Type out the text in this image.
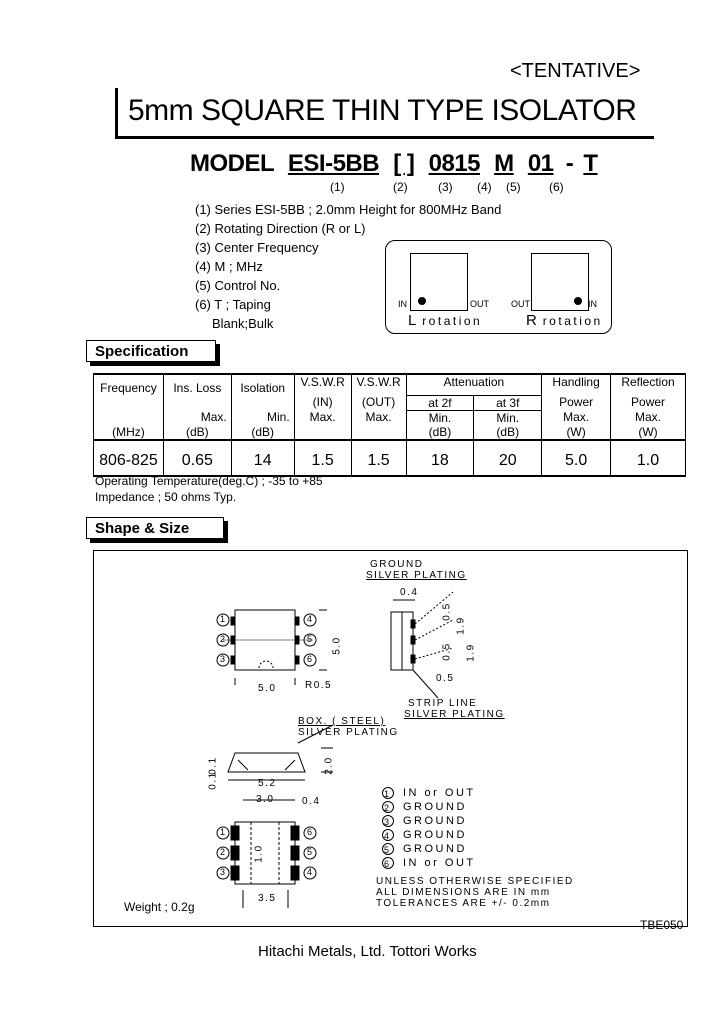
<TENTATIVE>
5mm SQUARE THIN TYPE ISOLATOR
MODEL ESI-5BB [ ] 0815 M 01 - T
(1)	(2)	(3) (4) (5) (6)
(1) Series ESI-5BB ; 2.0mm Height for 800MHz Band
(2) Rotating Direction (R or L)
(3) Center Frequency
(4) M ; MHz
(5) Control No.
(6) T ; Taping
Blank;Bulk
IN	OUT
L rotation
OUT	IN
R rotation
Specification
Frequency	Ins. Loss	Isolation	V.S.W.R	V.S.W.R	Attenuation		Handling	Reflection
			(IN)	(OUT)	at 2f	at 3f	Power	Power
	Max.	Min.	Max.	Max.	Min.	Min.	Max.	Max.
(MHz)	(dB)	(dB)			(dB)	(dB)	(W)	(W)
806-825	0.65	14	1.5	1.5	18	20	5.0	1.0
Operating Temperature(deg.C) ; -35 to +85
Impedance ; 50 ohms Typ.
Shape & Size
GROUND
SILVER PLATING
0.4
0.5
0.5
0.5
1.9
1.9
5.0
5.0	R0.5
STRIP LINE
SILVER PLATING
BOX. ( STEEL)
SILVER PLATING
2.0
0.1
0.1	5.2
3.0	0.4
1.0
3.5
1
2
3
4
5
6
1
2
3
6
5
4
1
2
3
4
5
6
IN or OUT
GROUND
GROUND
GROUND
GROUND
IN or OUT
UNLESS OTHERWISE SPECIFIED
ALL DIMENSIONS ARE IN mm
TOLERANCES ARE +/- 0.2mm
Weight ; 0.2g
TBE050
Hitachi Metals, Ltd. Tottori Works
